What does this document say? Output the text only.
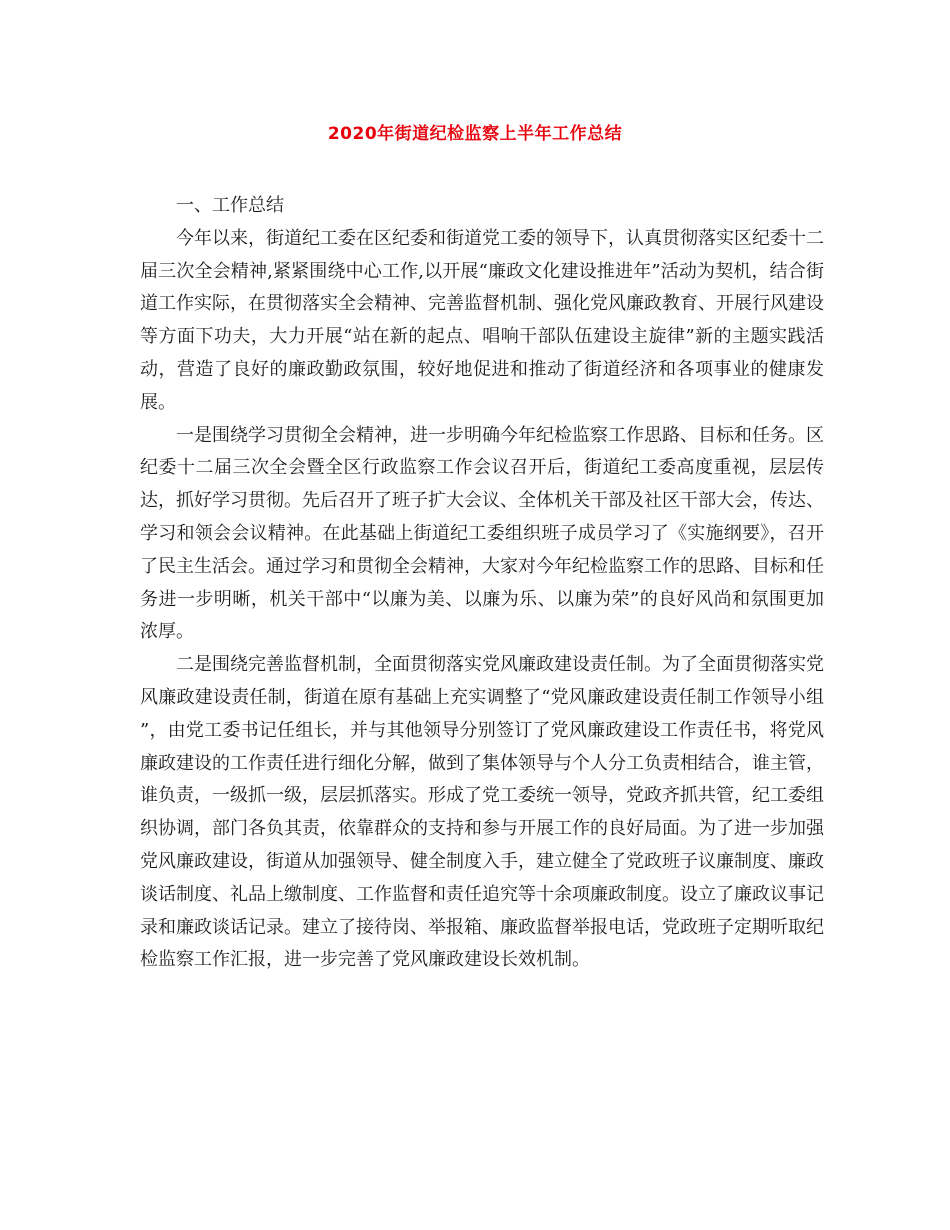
2020年街道纪检监察上半年工作总结

一、工作总结

今年以来，街道纪工委在区纪委和街道党工委的领导下，认真贯彻落实区纪委十二届三次全会精神,紧紧围绕中心工作,以开展“廉政文化建设推进年”活动为契机，结合街道工作实际，在贯彻落实全会精神、完善监督机制、强化党风廉政教育、开展行风建设等方面下功夫，大力开展“站在新的起点、唱响干部队伍建设主旋律”新的主题实践活动，营造了良好的廉政勤政氛围，较好地促进和推动了街道经济和各项事业的健康发展。

一是围绕学习贯彻全会精神，进一步明确今年纪检监察工作思路、目标和任务。区纪委十二届三次全会暨全区行政监察工作会议召开后，街道纪工委高度重视，层层传达，抓好学习贯彻。先后召开了班子扩大会议、全体机关干部及社区干部大会，传达、学习和领会会议精神。在此基础上街道纪工委组织班子成员学习了《实施纲要》，召开了民主生活会。通过学习和贯彻全会精神，大家对今年纪检监察工作的思路、目标和任务进一步明晰，机关干部中“以廉为美、以廉为乐、以廉为荣”的良好风尚和氛围更加浓厚。

二是围绕完善监督机制，全面贯彻落实党风廉政建设责任制。为了全面贯彻落实党风廉政建设责任制，街道在原有基础上充实调整了“党风廉政建设责任制工作领导小组 ”，由党工委书记任组长，并与其他领导分别签订了党风廉政建设工作责任书，将党风廉政建设的工作责任进行细化分解，做到了集体领导与个人分工负责相结合，谁主管，谁负责，一级抓一级，层层抓落实。形成了党工委统一领导，党政齐抓共管，纪工委组织协调，部门各负其责，依靠群众的支持和参与开展工作的良好局面。为了进一步加强党风廉政建设，街道从加强领导、健全制度入手，建立健全了党政班子议廉制度、廉政谈话制度、礼品上缴制度、工作监督和责任追究等十余项廉政制度。设立了廉政议事记录和廉政谈话记录。建立了接待岗、举报箱、廉政监督举报电话，党政班子定期听取纪检监察工作汇报，进一步完善了党风廉政建设长效机制。
